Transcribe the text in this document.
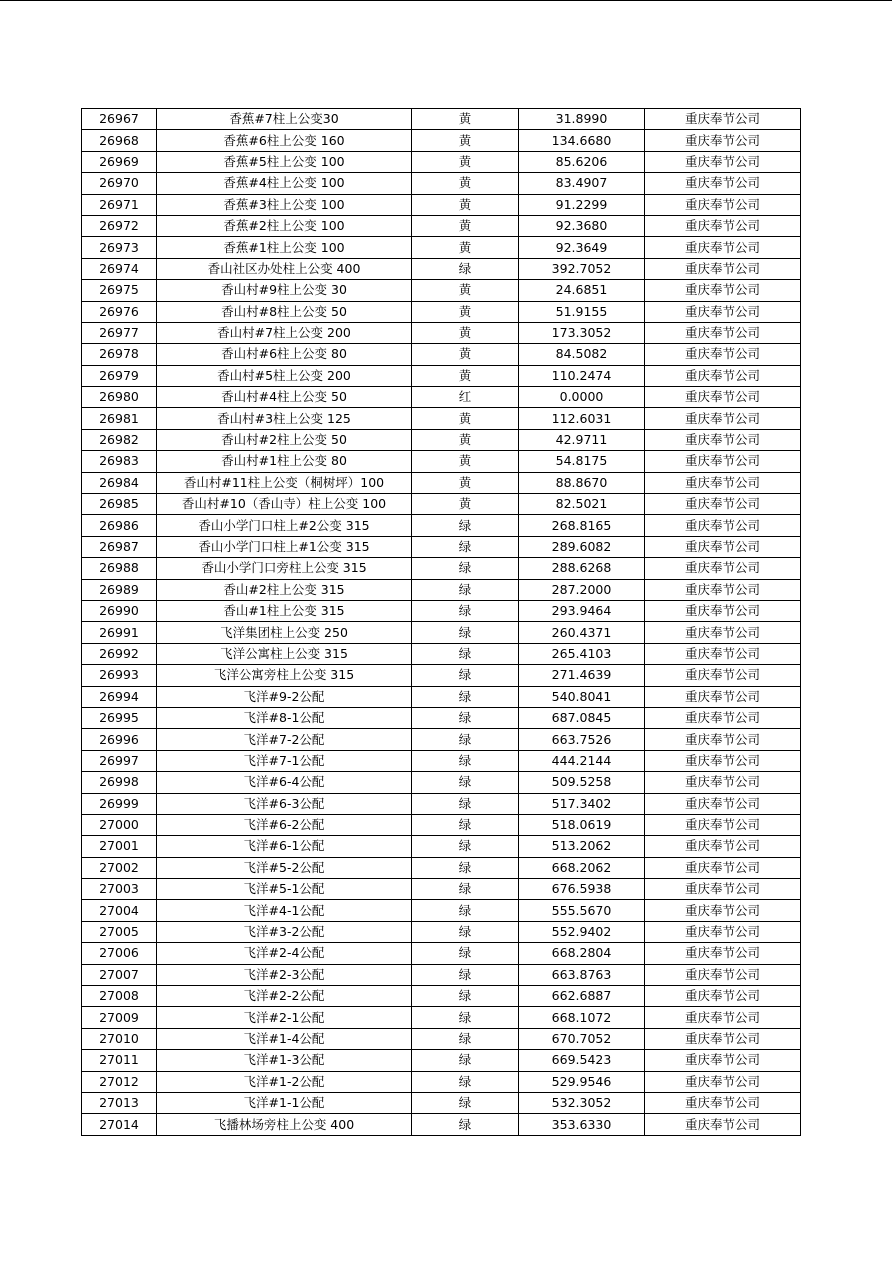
26967	香蕉#7柱上公变30	黄	31.8990	重庆奉节公司
26968	香蕉#6柱上公变 160	黄	134.6680	重庆奉节公司
26969	香蕉#5柱上公变 100	黄	85.6206	重庆奉节公司
26970	香蕉#4柱上公变 100	黄	83.4907	重庆奉节公司
26971	香蕉#3柱上公变 100	黄	91.2299	重庆奉节公司
26972	香蕉#2柱上公变 100	黄	92.3680	重庆奉节公司
26973	香蕉#1柱上公变 100	黄	92.3649	重庆奉节公司
26974	香山社区办处柱上公变 400	绿	392.7052	重庆奉节公司
26975	香山村#9柱上公变 30	黄	24.6851	重庆奉节公司
26976	香山村#8柱上公变 50	黄	51.9155	重庆奉节公司
26977	香山村#7柱上公变 200	黄	173.3052	重庆奉节公司
26978	香山村#6柱上公变 80	黄	84.5082	重庆奉节公司
26979	香山村#5柱上公变 200	黄	110.2474	重庆奉节公司
26980	香山村#4柱上公变 50	红	0.0000	重庆奉节公司
26981	香山村#3柱上公变 125	黄	112.6031	重庆奉节公司
26982	香山村#2柱上公变 50	黄	42.9711	重庆奉节公司
26983	香山村#1柱上公变 80	黄	54.8175	重庆奉节公司
26984	香山村#11柱上公变（桐树坪）100	黄	88.8670	重庆奉节公司
26985	香山村#10（香山寺）柱上公变 100	黄	82.5021	重庆奉节公司
26986	香山小学门口柱上#2公变 315	绿	268.8165	重庆奉节公司
26987	香山小学门口柱上#1公变 315	绿	289.6082	重庆奉节公司
26988	香山小学门口旁柱上公变 315	绿	288.6268	重庆奉节公司
26989	香山#2柱上公变 315	绿	287.2000	重庆奉节公司
26990	香山#1柱上公变 315	绿	293.9464	重庆奉节公司
26991	飞洋集团柱上公变 250	绿	260.4371	重庆奉节公司
26992	飞洋公寓柱上公变 315	绿	265.4103	重庆奉节公司
26993	飞洋公寓旁柱上公变 315	绿	271.4639	重庆奉节公司
26994	飞洋#9-2公配	绿	540.8041	重庆奉节公司
26995	飞洋#8-1公配	绿	687.0845	重庆奉节公司
26996	飞洋#7-2公配	绿	663.7526	重庆奉节公司
26997	飞洋#7-1公配	绿	444.2144	重庆奉节公司
26998	飞洋#6-4公配	绿	509.5258	重庆奉节公司
26999	飞洋#6-3公配	绿	517.3402	重庆奉节公司
27000	飞洋#6-2公配	绿	518.0619	重庆奉节公司
27001	飞洋#6-1公配	绿	513.2062	重庆奉节公司
27002	飞洋#5-2公配	绿	668.2062	重庆奉节公司
27003	飞洋#5-1公配	绿	676.5938	重庆奉节公司
27004	飞洋#4-1公配	绿	555.5670	重庆奉节公司
27005	飞洋#3-2公配	绿	552.9402	重庆奉节公司
27006	飞洋#2-4公配	绿	668.2804	重庆奉节公司
27007	飞洋#2-3公配	绿	663.8763	重庆奉节公司
27008	飞洋#2-2公配	绿	662.6887	重庆奉节公司
27009	飞洋#2-1公配	绿	668.1072	重庆奉节公司
27010	飞洋#1-4公配	绿	670.7052	重庆奉节公司
27011	飞洋#1-3公配	绿	669.5423	重庆奉节公司
27012	飞洋#1-2公配	绿	529.9546	重庆奉节公司
27013	飞洋#1-1公配	绿	532.3052	重庆奉节公司
27014	飞播林场旁柱上公变 400	绿	353.6330	重庆奉节公司
